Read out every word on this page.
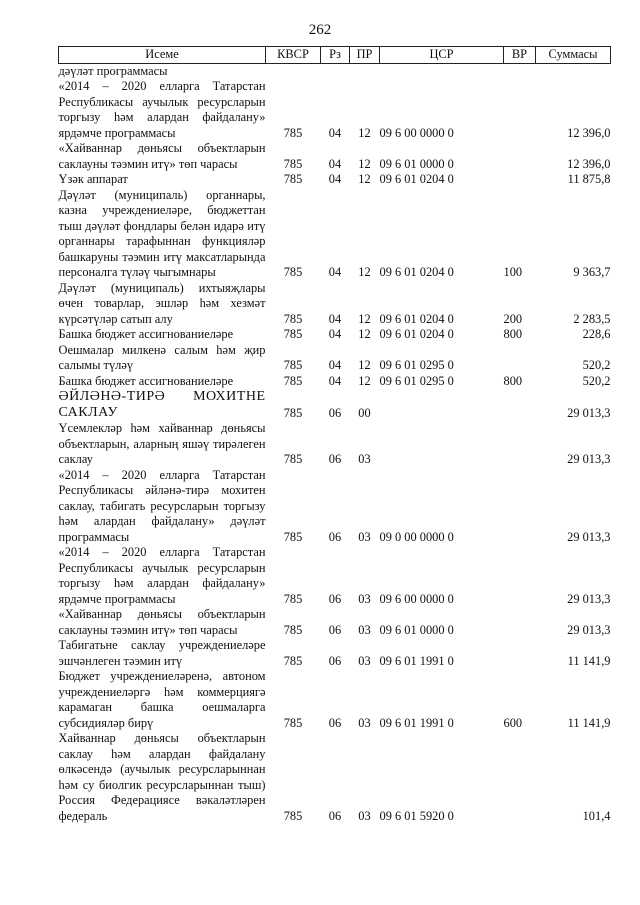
262
Исеме	КВСР	Рз	ПР	ЦСР	ВР	Суммасы
дәүләт программасы						
«2014 – 2020 елларга Татарстан Республикасы аучылык ресурсларын торгызу һәм алардан файдалану» ярдәмче программасы	785	04	12	09 6 00 0000 0		12 396,0
«Хайваннар дөньясы объектларын саклауны тәэмин итү» төп чарасы	785	04	12	09 6 01 0000 0		12 396,0
Үзәк аппарат	785	04	12	09 6 01 0204 0		11 875,8
Дәүләт (муниципаль) органнары, казна учреждениеләре, бюджеттан тыш дәүләт фондлары белән идарә итү органнары тарафыннан функцияләр башкаруны тәэмин итү максатларында персоналга түләү чыгымнары	785	04	12	09 6 01 0204 0	100	9 363,7
Дәүләт (муниципаль) ихтыяҗлары өчен товарлар, эшләр һәм хезмәт күрсәтүләр сатып алу	785	04	12	09 6 01 0204 0	200	2 283,5
Башка бюджет ассигнованиеләре	785	04	12	09 6 01 0204 0	800	228,6
Оешмалар милкенә салым һәм җир салымы түләү	785	04	12	09 6 01 0295 0		520,2
Башка бюджет ассигнованиеләре	785	04	12	09 6 01 0295 0	800	520,2
ӘЙЛӘНӘ-ТИРӘ МОХИТНЕ САКЛАУ	785	06	00			29 013,3
Үсемлекләр һәм хайваннар дөньясы объектларын, аларның яшәү тирәлеген саклау	785	06	03			29 013,3
«2014 – 2020 елларга Татарстан Республикасы әйләнә-тирә мохитен саклау, табигать ресурсларын торгызу һәм алардан файдалану» дәүләт программасы	785	06	03	09 0 00 0000 0		29 013,3
«2014 – 2020 елларга Татарстан Республикасы аучылык ресурсларын торгызу һәм алардан файдалану» ярдәмче программасы	785	06	03	09 6 00 0000 0		29 013,3
«Хайваннар дөньясы объектларын саклауны тәэмин итү» төп чарасы	785	06	03	09 6 01 0000 0		29 013,3
Табигатьне саклау учреждениеләре эшчәнлеген тәэмин итү	785	06	03	09 6 01 1991 0		11 141,9
Бюджет учреждениеләренә, автоном учреждениеләргә һәм коммерциягә карамаган башка оешмаларга субсидияләр бирү	785	06	03	09 6 01 1991 0	600	11 141,9
Хайваннар дөньясы объектларын саклау һәм алардан файдалану өлкәсендә (аучылык ресурсларыннан һәм су биолгик ресурсларыннан тыш) Россия Федерациясе вәкаләтләрен федераль	785	06	03	09 6 01 5920 0		101,4
